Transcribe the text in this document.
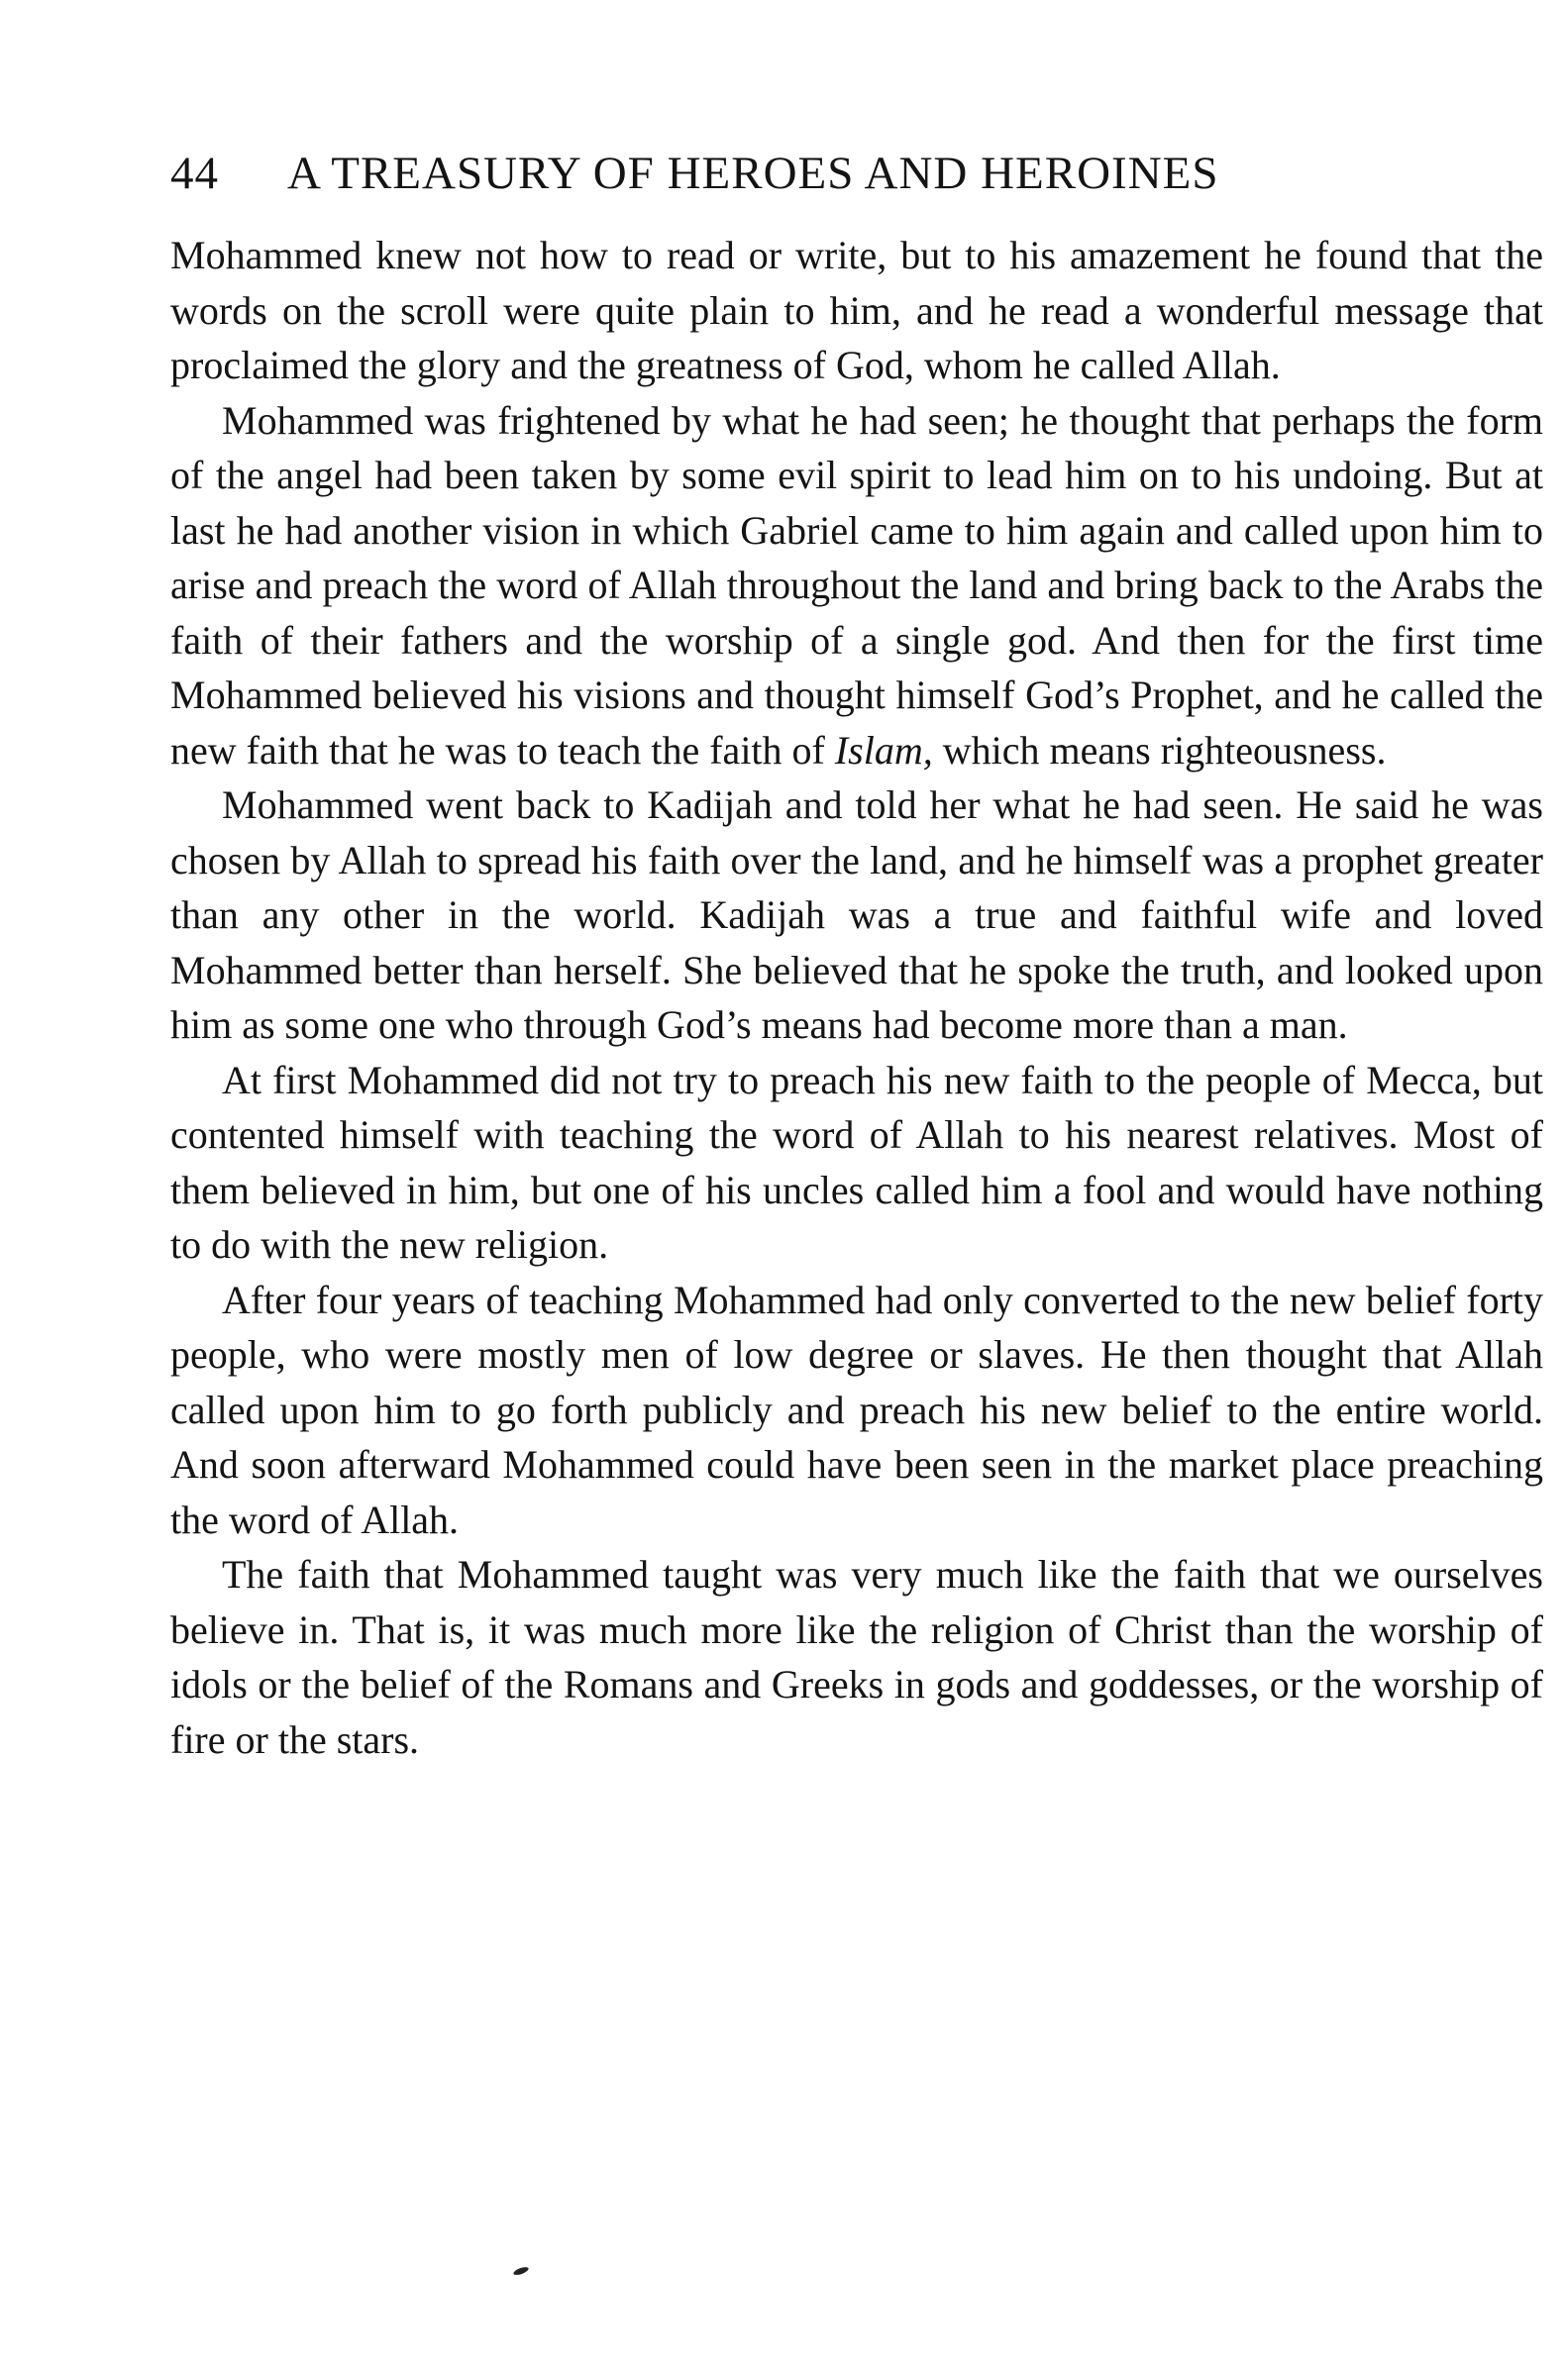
44 A TREASURY OF HEROES AND HEROINES

Mohammed knew not how to read or write, but to his amazement he found that the words on the scroll were quite plain to him, and he read a wonderful message that proclaimed the glory and the greatness of God, whom he called Allah.

Mohammed was frightened by what he had seen; he thought that perhaps the form of the angel had been taken by some evil spirit to lead him on to his undoing. But at last he had another vision in which Gabriel came to him again and called upon him to arise and preach the word of Allah throughout the land and bring back to the Arabs the faith of their fathers and the worship of a single god. And then for the first time Mohammed believed his visions and thought himself God’s Prophet, and he called the new faith that he was to teach the faith of Islam, which means righteousness.

Mohammed went back to Kadijah and told her what he had seen. He said he was chosen by Allah to spread his faith over the land, and he himself was a prophet greater than any other in the world. Kadijah was a true and faithful wife and loved Mohammed better than herself. She believed that he spoke the truth, and looked upon him as some one who through God’s means had become more than a man.

At first Mohammed did not try to preach his new faith to the people of Mecca, but contented himself with teaching the word of Allah to his nearest relatives. Most of them believed in him, but one of his uncles called him a fool and would have nothing to do with the new religion.

After four years of teaching Mohammed had only converted to the new belief forty people, who were mostly men of low degree or slaves. He then thought that Allah called upon him to go forth publicly and preach his new belief to the entire world. And soon afterward Mohammed could have been seen in the market place preaching the word of Allah.

The faith that Mohammed taught was very much like the faith that we ourselves believe in. That is, it was much more like the religion of Christ than the worship of idols or the belief of the Romans and Greeks in gods and goddesses, or the worship of fire or the stars.
